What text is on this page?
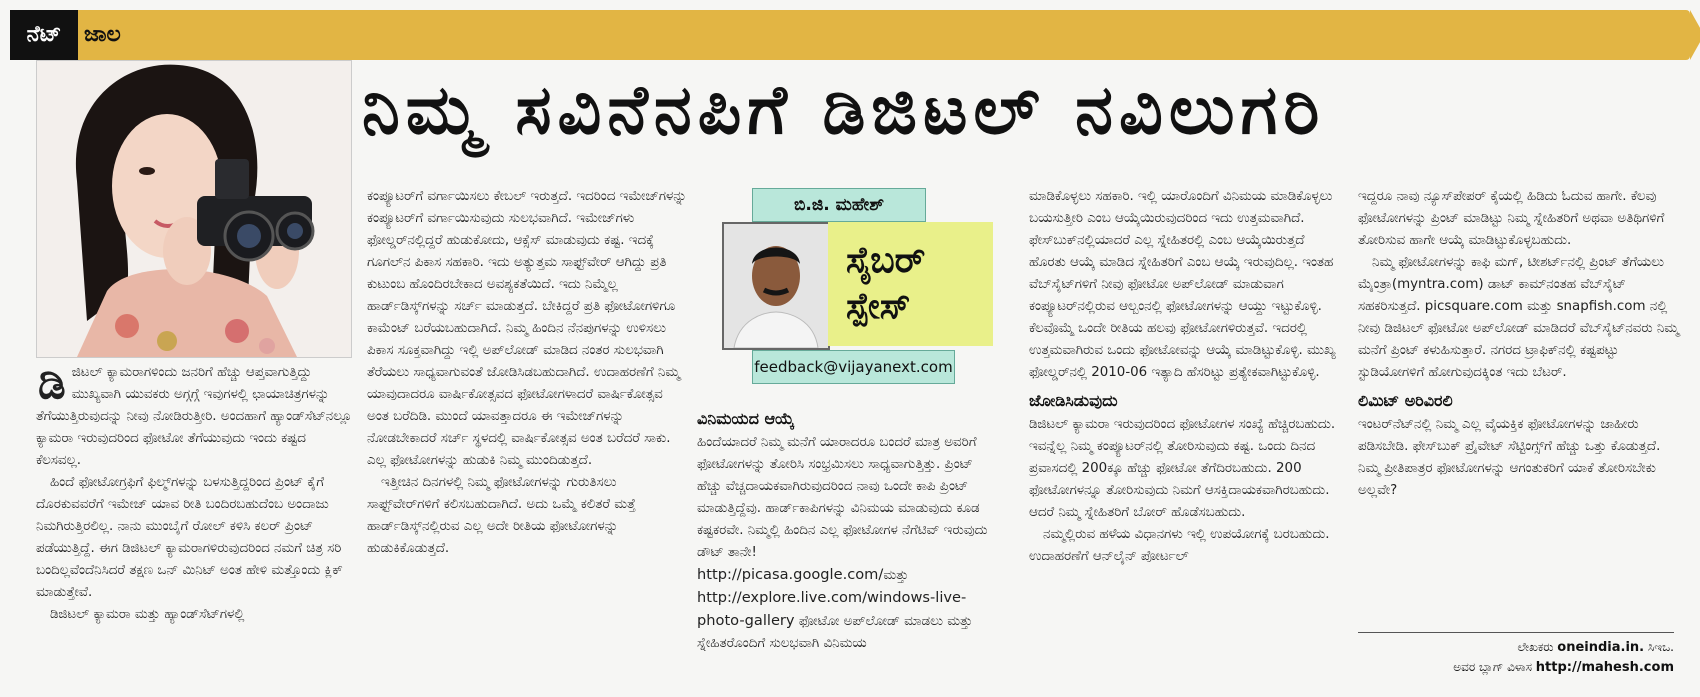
ನೆಟ್	ಜಾಲ
ನಿಮ್ಮ ಸವಿನೆನಪಿಗೆ ಡಿಜಿಟಲ್ ನವಿಲುಗರಿ

ಡಿಜಿಟಲ್ ಕ್ಯಾಮರಾಗಳಿಂದು ಜನರಿಗೆ ಹೆಚ್ಚು ಆಪ್ತವಾಗುತ್ತಿದ್ದು ಮುಖ್ಯವಾಗಿ ಯುವಕರು ಅಗ್ಗಗ್ಗೆ ಇವುಗಳಲ್ಲಿ ಛಾಯಾಚಿತ್ರಗಳನ್ನು ತೆಗೆಯುತ್ತಿರುವುದನ್ನು ನೀವು ನೋಡಿರುತ್ತೀರಿ. ಅಂದಹಾಗೆ ಹ್ಯಾಂಡ್‌ಸೆಟ್‌ನಲ್ಲೂ ಕ್ಯಾಮರಾ ಇರುವುದರಿಂದ ಫೋಟೋ ತೆಗೆಯುವುದು ಇಂದು ಕಷ್ಟದ ಕೆಲಸವಲ್ಲ.

ಹಿಂದೆ ಫೋಟೋಗ್ರಫಿಗೆ ಫಿಲ್ಮ್‌ಗಳನ್ನು ಬಳಸುತ್ತಿದ್ದರಿಂದ ಪ್ರಿಂಟ್ ಕೈಗೆ ದೊರಕುವವರೆಗೆ ಇಮೇಜ್ ಯಾವ ರೀತಿ ಬಂದಿರಬಹುದೆಂಬ ಅಂದಾಜು ನಿಮಗಿರುತ್ತಿರಲಿಲ್ಲ. ನಾನು ಮುಂಬೈಗೆ ರೋಲ್ ಕಳಿಸಿ ಕಲರ್ ಪ್ರಿಂಟ್ ಪಡೆಯುತ್ತಿದ್ದೆ. ಈಗ ಡಿಜಿಟಲ್ ಕ್ಯಾಮರಾಗಳಿರುವುದರಿಂದ ನಮಗೆ ಚಿತ್ರ ಸರಿ ಬಂದಿಲ್ಲವೆಂದೆನಿಸಿದರೆ ತಕ್ಷಣ ಒನ್ ಮಿನಿಟ್ ಅಂತ ಹೇಳಿ ಮತ್ತೊಂದು ಕ್ಲಿಕ್ ಮಾಡುತ್ತೇವೆ.

ಡಿಜಿಟಲ್ ಕ್ಯಾಮರಾ ಮತ್ತು ಹ್ಯಾಂಡ್‌ಸೆಟ್‌ಗಳಲ್ಲಿ

ಕಂಪ್ಯೂಟರ್‌ಗೆ ವರ್ಗಾಯಿಸಲು ಕೇಬಲ್ ಇರುತ್ತದೆ. ಇದರಿಂದ ಇಮೇಜ್‌ಗಳನ್ನು ಕಂಪ್ಯೂಟರ್‌ಗೆ ವರ್ಗಾಯಿಸುವುದು ಸುಲಭವಾಗಿದೆ. ಇಮೇಜ್‌ಗಳು ಫೋಲ್ಡರ್‌ನಲ್ಲಿದ್ದರೆ ಹುಡುಕೋದು, ಆಕ್ಸೆಸ್ ಮಾಡುವುದು ಕಷ್ಟ. ಇದಕ್ಕೆ ಗೂಗಲ್‌ನ ಪಿಕಾಸ ಸಹಕಾರಿ. ಇದು ಅತ್ಯುತ್ತಮ ಸಾಫ್ಟ್‌ವೇರ್ ಆಗಿದ್ದು ಪ್ರತಿ ಕುಟುಂಬ ಹೊಂದಿರಬೇಕಾದ ಅವಶ್ಯಕತೆಯಿದೆ. ಇದು ನಿಮ್ಮೆಲ್ಲ ಹಾರ್ಡ್‌ಡಿಸ್ಕ್‌ಗಳನ್ನು ಸರ್ಚ್ ಮಾಡುತ್ತದೆ. ಬೇಕಿದ್ದರೆ ಪ್ರತಿ ಫೋಟೋಗಳಿಗೂ ಕಾಮೆಂಟ್ ಬರೆಯಬಹುದಾಗಿದೆ. ನಿಮ್ಮ ಹಿಂದಿನ ನೆನಪುಗಳನ್ನು ಉಳಿಸಲು ಪಿಕಾಸ ಸೂಕ್ತವಾಗಿದ್ದು ಇಲ್ಲಿ ಅಪ್‌ಲೋಡ್ ಮಾಡಿದ ನಂತರ ಸುಲಭವಾಗಿ ತೆರೆಯಲು ಸಾಧ್ಯವಾಗುವಂತೆ ಜೋಡಿಸಿಡಬಹುದಾಗಿದೆ. ಉದಾಹರಣೆಗೆ ನಿಮ್ಮ ಯಾವುದಾದರೂ ವಾರ್ಷಿಕೋತ್ಸವದ ಫೋಟೋಗಳಾದರೆ ವಾರ್ಷಿಕೋತ್ಸವ ಅಂತ ಬರೆದಿಡಿ. ಮುಂದೆ ಯಾವತ್ತಾದರೂ ಈ ಇಮೇಜ್‌ಗಳನ್ನು ನೋಡಬೇಕಾದರೆ ಸರ್ಚ್ ಸ್ಥಳದಲ್ಲಿ ವಾರ್ಷಿಕೋತ್ಸವ ಅಂತ ಬರೆದರೆ ಸಾಕು. ಎಲ್ಲ ಫೋಟೋಗಳನ್ನು ಹುಡುಕಿ ನಿಮ್ಮ ಮುಂದಿಡುತ್ತದೆ.

ಇತ್ತೀಚಿನ ದಿನಗಳಲ್ಲಿ ನಿಮ್ಮ ಫೋಟೋಗಳನ್ನು ಗುರುತಿಸಲು ಸಾಫ್ಟ್‌ವೇರ್‌ಗಳಿಗೆ ಕಲಿಸಬಹುದಾಗಿದೆ. ಅದು ಒಮ್ಮೆ ಕಲಿತರೆ ಮತ್ತೆ ಹಾರ್ಡ್‌ಡಿಸ್ಕ್‌ನಲ್ಲಿರುವ ಎಲ್ಲ ಅದೇ ರೀತಿಯ ಫೋಟೋಗಳನ್ನು ಹುಡುಕಿಕೊಡುತ್ತದೆ.

ಬಿ.ಜಿ. ಮಹೇಶ್
ಸೈಬರ್
ಸ್ಪೇಸ್
feedback@vijayanext.com
ವಿನಿಮಯದ ಆಯ್ಕೆ

ಹಿಂದೆಯಾದರೆ ನಿಮ್ಮ ಮನೆಗೆ ಯಾರಾದರೂ ಬಂದರೆ ಮಾತ್ರ ಅವರಿಗೆ ಫೋಟೋಗಳನ್ನು ತೋರಿಸಿ ಸಂಭ್ರಮಿಸಲು ಸಾಧ್ಯವಾಗುತ್ತಿತ್ತು. ಪ್ರಿಂಟ್ ಹೆಚ್ಚು ವೆಚ್ಚದಾಯಕವಾಗಿರುವುದರಿಂದ ನಾವು ಒಂದೇ ಕಾಪಿ ಪ್ರಿಂಟ್ ಮಾಡುತ್ತಿದ್ದೆವು. ಹಾರ್ಡ್‌ಕಾಪಿಗಳನ್ನು ವಿನಿಮಯ ಮಾಡುವುದು ಕೂಡ ಕಷ್ಟಕರವೇ. ನಿಮ್ಮಲ್ಲಿ ಹಿಂದಿನ ಎಲ್ಲ ಫೋಟೋಗಳ ನೆಗೆಟಿವ್ ಇರುವುದು ಡೌಟ್ ತಾನೇ!

http://picasa.google.com/ಮತ್ತು
http://explore.live.com/windows-live-photo-gallery ಫೋಟೋ ಅಪ್‌ಲೋಡ್ ಮಾಡಲು ಮತ್ತು ಸ್ನೇಹಿತರೊಂದಿಗೆ ಸುಲಭವಾಗಿ ವಿನಿಮಯ

ಮಾಡಿಕೊಳ್ಳಲು ಸಹಕಾರಿ. ಇಲ್ಲಿ ಯಾರೊಂದಿಗೆ ವಿನಿಮಯ ಮಾಡಿಕೊಳ್ಳಲು ಬಯಸುತ್ತೀರಿ ಎಂಬ ಆಯ್ಕೆಯಿರುವುದರಿಂದ ಇದು ಉತ್ತಮವಾಗಿದೆ. ಫೇಸ್‌ಬುಕ್‌ನಲ್ಲಿಯಾದರೆ ಎಲ್ಲ ಸ್ನೇಹಿತರಲ್ಲಿ ಎಂಬ ಆಯ್ಕೆಯಿರುತ್ತದೆ ಹೊರತು ಆಯ್ಕೆ ಮಾಡಿದ ಸ್ನೇಹಿತರಿಗೆ ಎಂಬ ಆಯ್ಕೆ ಇರುವುದಿಲ್ಲ. ಇಂತಹ ವೆಬ್‌ಸೈಟ್‌ಗಳಿಗೆ ನೀವು ಫೋಟೋ ಅಪ್‌ಲೋಡ್ ಮಾಡುವಾಗ ಕಂಪ್ಯೂಟರ್‌ನಲ್ಲಿರುವ ಆಲ್ಬಂನಲ್ಲಿ ಫೋಟೋಗಳನ್ನು ಆಯ್ದು ಇಟ್ಟುಕೊಳ್ಳಿ. ಕೆಲವೊಮ್ಮೆ ಒಂದೇ ರೀತಿಯ ಹಲವು ಫೋಟೋಗಳಿರುತ್ತವೆ. ಇದರಲ್ಲಿ ಉತ್ತಮವಾಗಿರುವ ಒಂದು ಫೋಟೋವನ್ನು ಆಯ್ಕೆ ಮಾಡಿಟ್ಟುಕೊಳ್ಳಿ. ಮುಖ್ಯ ಫೋಲ್ಡರ್‌ನಲ್ಲಿ 2010-06 ಇತ್ಯಾದಿ ಹೆಸರಿಟ್ಟು ಪ್ರತ್ಯೇಕವಾಗಿಟ್ಟುಕೊಳ್ಳಿ.

ಜೋಡಿಸಿಡುವುದು

ಡಿಜಿಟಲ್ ಕ್ಯಾಮರಾ ಇರುವುದರಿಂದ ಫೋಟೋಗಳ ಸಂಖ್ಯೆ ಹೆಚ್ಚಿರಬಹುದು. ಇವನ್ನೆಲ್ಲ ನಿಮ್ಮ ಕಂಪ್ಯೂಟರ್‌ನಲ್ಲಿ ತೋರಿಸುವುದು ಕಷ್ಟ. ಒಂದು ದಿನದ ಪ್ರವಾಸದಲ್ಲಿ 200ಕ್ಕೂ ಹೆಚ್ಚು ಫೋಟೋ ತೆಗೆದಿರಬಹುದು. 200 ಫೋಟೋಗಳನ್ನೂ ತೋರಿಸುವುದು ನಿಮಗೆ ಆಸಕ್ತಿದಾಯಕವಾಗಿರಬಹುದು. ಆದರೆ ನಿಮ್ಮ ಸ್ನೇಹಿತರಿಗೆ ಬೋರ್ ಹೊಡೆಸಬಹುದು.

ನಮ್ಮಲ್ಲಿರುವ ಹಳೆಯ ವಿಧಾನಗಳು ಇಲ್ಲಿ ಉಪಯೋಗಕ್ಕೆ ಬರಬಹುದು. ಉದಾಹರಣೆಗೆ ಆನ್‌ಲೈನ್ ಪೋರ್ಟಲ್

ಇದ್ದರೂ ನಾವು ನ್ಯೂಸ್‌ಪೇಪರ್ ಕೈಯಲ್ಲಿ ಹಿಡಿದು ಓದುವ ಹಾಗೇ. ಕೆಲವು ಫೋಟೋಗಳನ್ನು ಪ್ರಿಂಟ್ ಮಾಡಿಟ್ಟು ನಿಮ್ಮ ಸ್ನೇಹಿತರಿಗೆ ಅಥವಾ ಅತಿಥಿಗಳಿಗೆ ತೋರಿಸುವ ಹಾಗೇ ಆಯ್ಕೆ ಮಾಡಿಟ್ಟುಕೊಳ್ಳಬಹುದು.

ನಿಮ್ಮ ಫೋಟೋಗಳನ್ನು ಕಾಫಿ ಮಗ್, ಟೀಶರ್ಟ್‌ನಲ್ಲಿ ಪ್ರಿಂಟ್ ತೆಗೆಯಲು ಮೈಂತ್ರಾ(myntra.com) ಡಾಟ್ ಕಾಮ್‌ನಂತಹ ವೆಬ್‌ಸೈಟ್ ಸಹಕರಿಸುತ್ತದೆ. picsquare.com ಮತ್ತು snapfish.com ನಲ್ಲಿ ನೀವು ಡಿಜಿಟಲ್ ಫೋಟೋ ಅಪ್‌ಲೋಡ್ ಮಾಡಿದರೆ ವೆಬ್‌ಸೈಟ್‌ನವರು ನಿಮ್ಮ ಮನೆಗೆ ಪ್ರಿಂಟ್ ಕಳುಹಿಸುತ್ತಾರೆ. ನಗರದ ಟ್ರಾಫಿಕ್‌ನಲ್ಲಿ ಕಷ್ಟಪಟ್ಟು ಸ್ಟುಡಿಯೋಗಳಿಗೆ ಹೋಗುವುದಕ್ಕಿಂತ ಇದು ಬೆಟರ್.

ಲಿಮಿಟ್ ಅರಿವಿರಲಿ

ಇಂಟರ್‌ನೆಟ್‌ನಲ್ಲಿ ನಿಮ್ಮ ಎಲ್ಲ ವೈಯಕ್ತಿಕ ಫೋಟೋಗಳನ್ನು ಜಾಹೀರು ಪಡಿಸಬೇಡಿ. ಫೇಸ್‌ಬುಕ್ ಪ್ರೈವೇಟ್ ಸೆಟ್ಟಿಂಗ್ಸ್‌ಗೆ ಹೆಚ್ಚು ಒತ್ತು ಕೊಡುತ್ತದೆ. ನಿಮ್ಮ ಪ್ರೀತಿಪಾತ್ರರ ಫೋಟೋಗಳನ್ನು ಆಗಂತುಕರಿಗೆ ಯಾಕೆ ತೋರಿಸಬೇಕು ಅಲ್ಲವೇ?

ಲೇಖಕರು oneindia.in. ಸಿಇಒ.
ಅವರ ಬ್ಲಾಗ್ ವಿಳಾಸ http://mahesh.com
